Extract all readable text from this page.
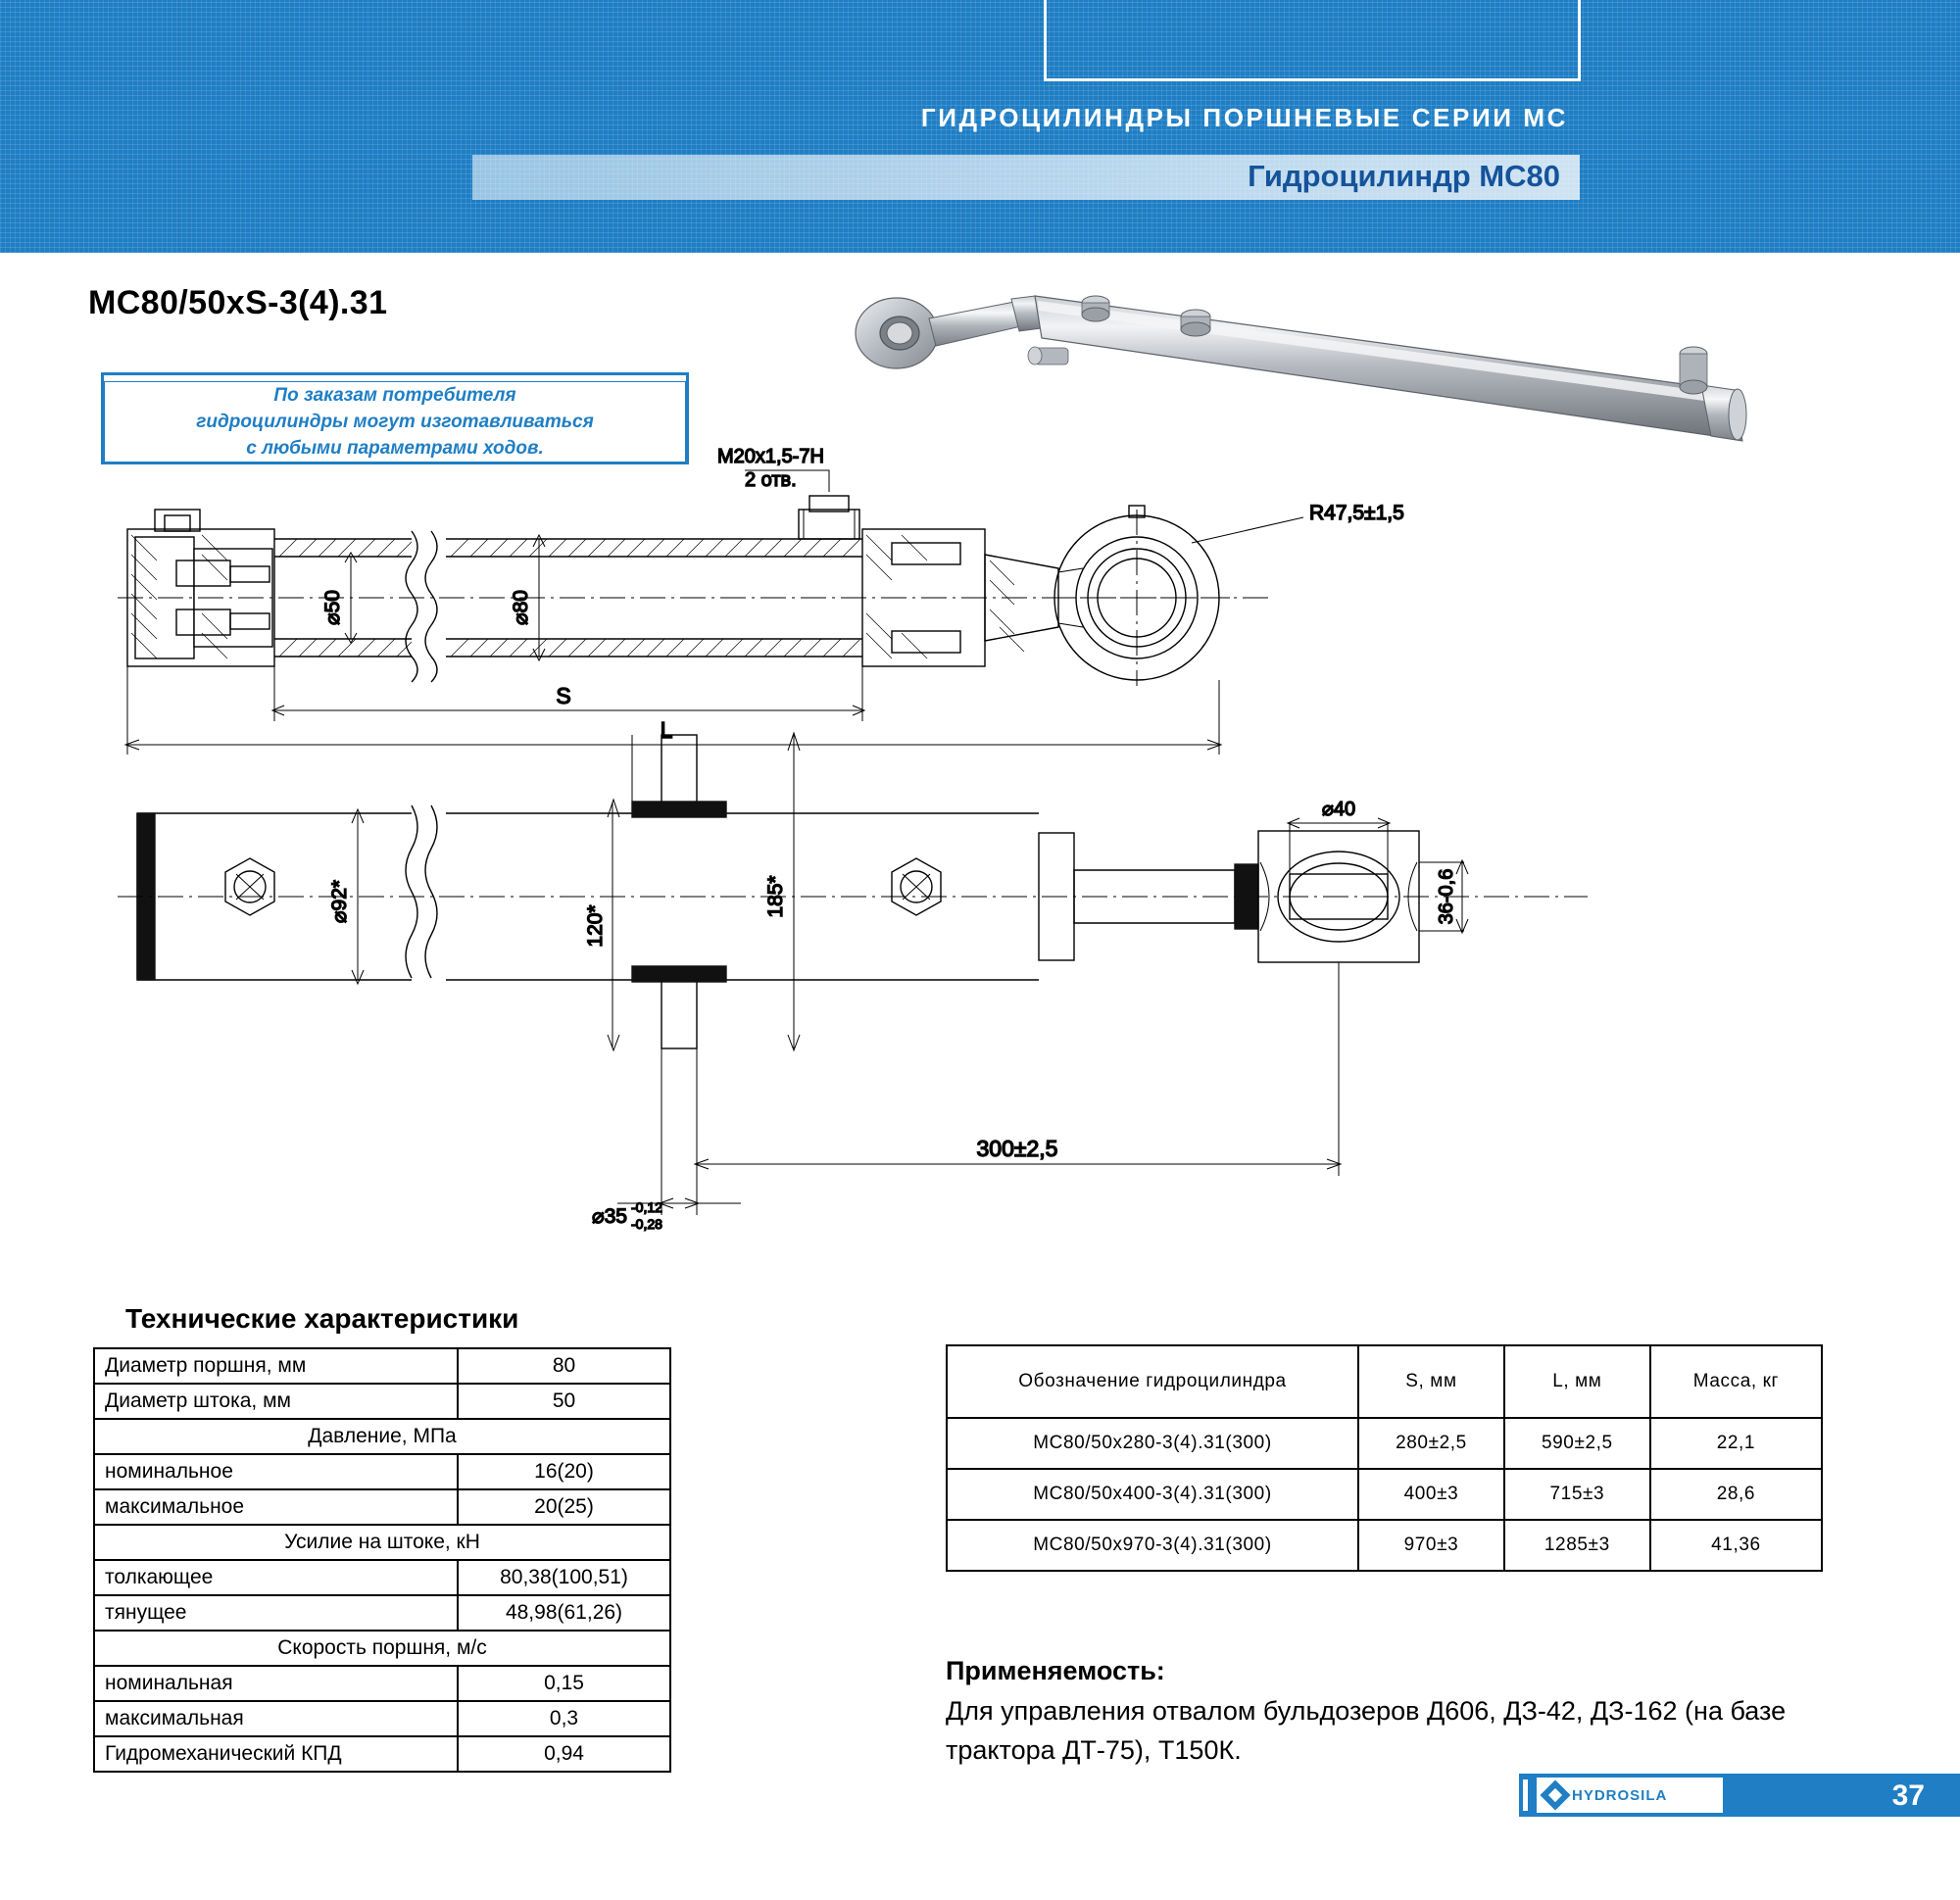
ГИДРОЦИЛИНДРЫ ПОРШНЕВЫЕ СЕРИИ МС
Гидроцилиндр МС80
МС80/50xS-3(4).31
По заказам потребителя
гидроцилиндры могут изготавливаться
с любыми параметрами ходов.
R47,5±1,5
M20x1,5-7H
2 отв.
⌀50	⌀80
S
L
⌀92*
120*
185*
⌀40
36-0,6
300±2,5
⌀35 -0,12
-0,28
Технические характеристики
Диаметр поршня, мм	80
Диаметр штока, мм	50
Давление, МПа	
номинальное	16(20)
максимальное	20(25)
Усилие на штоке, кН	
толкающее	80,38(100,51)
тянущее	48,98(61,26)
Скорость поршня, м/с	
номинальная	0,15
максимальная	0,3
Гидромеханический КПД	0,94
Обозначение гидроцилиндра	S, мм	L, мм	Масса, кг
МС80/50х280-3(4).31(300)	280±2,5	590±2,5	22,1
МС80/50х400-3(4).31(300)	400±3	715±3	28,6
МС80/50х970-3(4).31(300)	970±3	1285±3	41,36
Применяемость:
Для управления отвалом бульдозеров Д606, ДЗ-42, ДЗ-162 (на базе трактора ДТ-75), Т150К.
HYDROSILA	37
